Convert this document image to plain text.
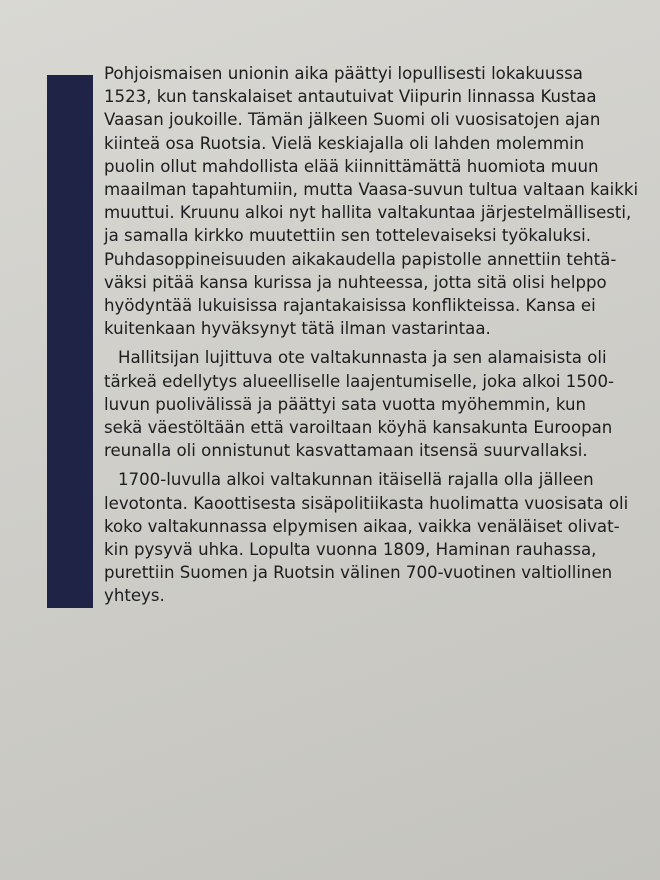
Pohjoismaisen unionin aika päättyi lopullisesti lokakuussa
1523, kun tanskalaiset antautuivat Viipurin linnassa Kustaa
Vaasan joukoille. Tämän jälkeen Suomi oli vuosisatojen ajan
kiinteä osa Ruotsia. Vielä keskiajalla oli lahden molemmin
puolin ollut mahdollista elää kiinnittämättä huomiota muun
maailman tapahtumiin, mutta Vaasa-suvun tultua valtaan kaikki
muuttui. Kruunu alkoi nyt hallita valtakuntaa järjestelmällisesti,
ja samalla kirkko muutettiin sen tottelevaiseksi työkaluksi.
Puhdasoppineisuuden aikakaudella papistolle annettiin tehtä-
väksi pitää kansa kurissa ja nuhteessa, jotta sitä olisi helppo
hyödyntää lukuisissa rajantakaisissa konflikteissa. Kansa ei
kuitenkaan hyväksynyt tätä ilman vastarintaa.

Hallitsijan lujittuva ote valtakunnasta ja sen alamaisista oli
tärkeä edellytys alueelliselle laajentumiselle, joka alkoi 1500-
luvun puolivälissä ja päättyi sata vuotta myöhemmin, kun
sekä väestöltään että varoiltaan köyhä kansakunta Euroopan
reunalla oli onnistunut kasvattamaan itsensä suurvallaksi.

1700-luvulla alkoi valtakunnan itäisellä rajalla olla jälleen
levotonta. Kaoottisesta sisäpolitiikasta huolimatta vuosisata oli
koko valtakunnassa elpymisen aikaa, vaikka venäläiset olivat-
kin pysyvä uhka. Lopulta vuonna 1809, Haminan rauhassa,
purettiin Suomen ja Ruotsin välinen 700-vuotinen valtiollinen
yhteys.
